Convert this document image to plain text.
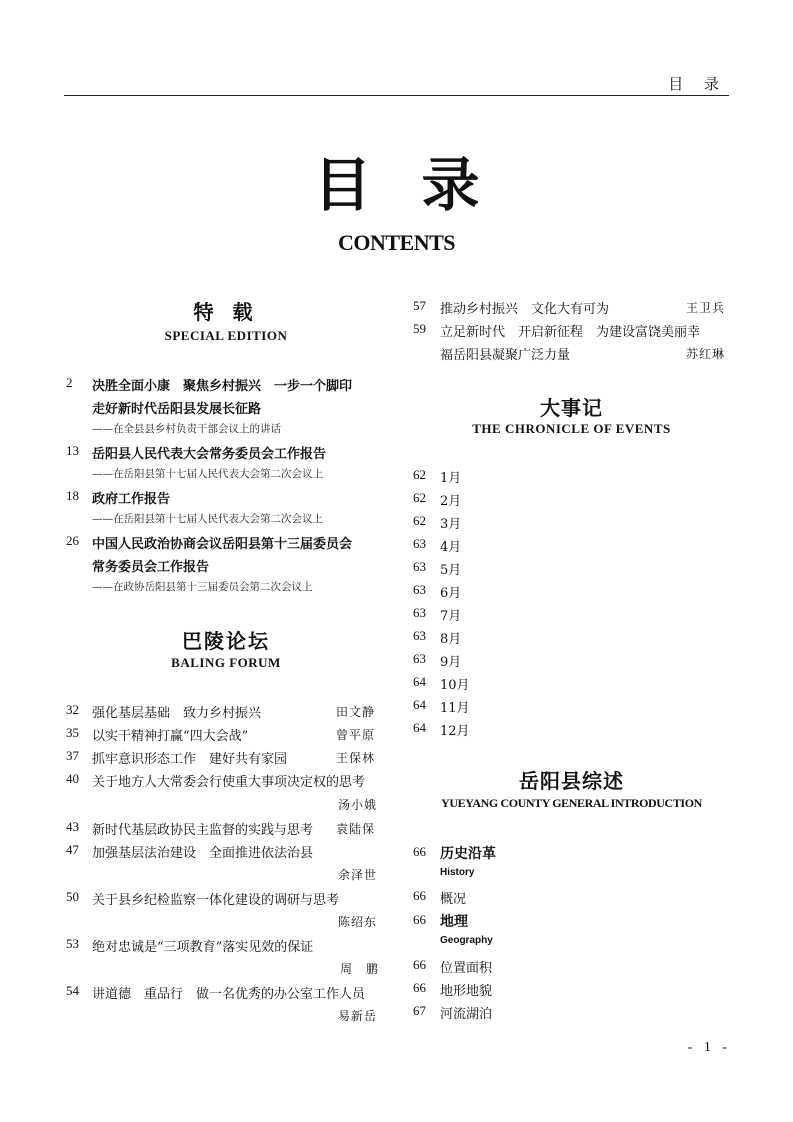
目 录
目录
CONTENTS
特 载
SPECIAL EDITION
2 决胜全面小康　聚焦乡村振兴　一步一个脚印
走好新时代岳阳县发展长征路
——在全县县乡村负责干部会议上的讲话
13 岳阳县人民代表大会常务委员会工作报告
——在岳阳县第十七届人民代表大会第二次会议上
18 政府工作报告
——在岳阳县第十七届人民代表大会第二次会议上
26 中国人民政治协商会议岳阳县第十三届委员会
常务委员会工作报告
——在政协岳阳县第十三届委员会第二次会议上
巴陵论坛
BALING FORUM
32 强化基层基础　致力乡村振兴	田文静
35 以实干精神打赢“四大会战”	曾平原
37 抓牢意识形态工作　建好共有家园	王保林
40 关于地方人大常委会行使重大事项决定权的思考
汤小娥
43 新时代基层政协民主监督的实践与思考 袁陆保
47 加强基层法治建设　全面推进依法治县
余泽世
50 关于县乡纪检监察一体化建设的调研与思考
陈绍东
53 绝对忠诚是“三项教育”落实见效的保证
周　鹏
54 讲道德　重品行　做一名优秀的办公室工作人员
易新岳
57 推动乡村振兴　文化大有可为	王卫兵
59 立足新时代　开启新征程　为建设富饶美丽幸
福岳阳县凝聚广泛力量	苏红琳
大事记
THE CHRONICLE OF EVENTS
62 1月
62 2月
62 3月
63 4月
63 5月
63 6月
63 7月
63 8月
63 9月
64 10月
64 11月
64 12月
岳阳县综述
YUEYANG COUNTY GENERAL INTRODUCTION
66 历史沿革
History
66 概况
66 地理
Geography
66 位置面积
66 地形地貌
67 河流湖泊
- 1 -
